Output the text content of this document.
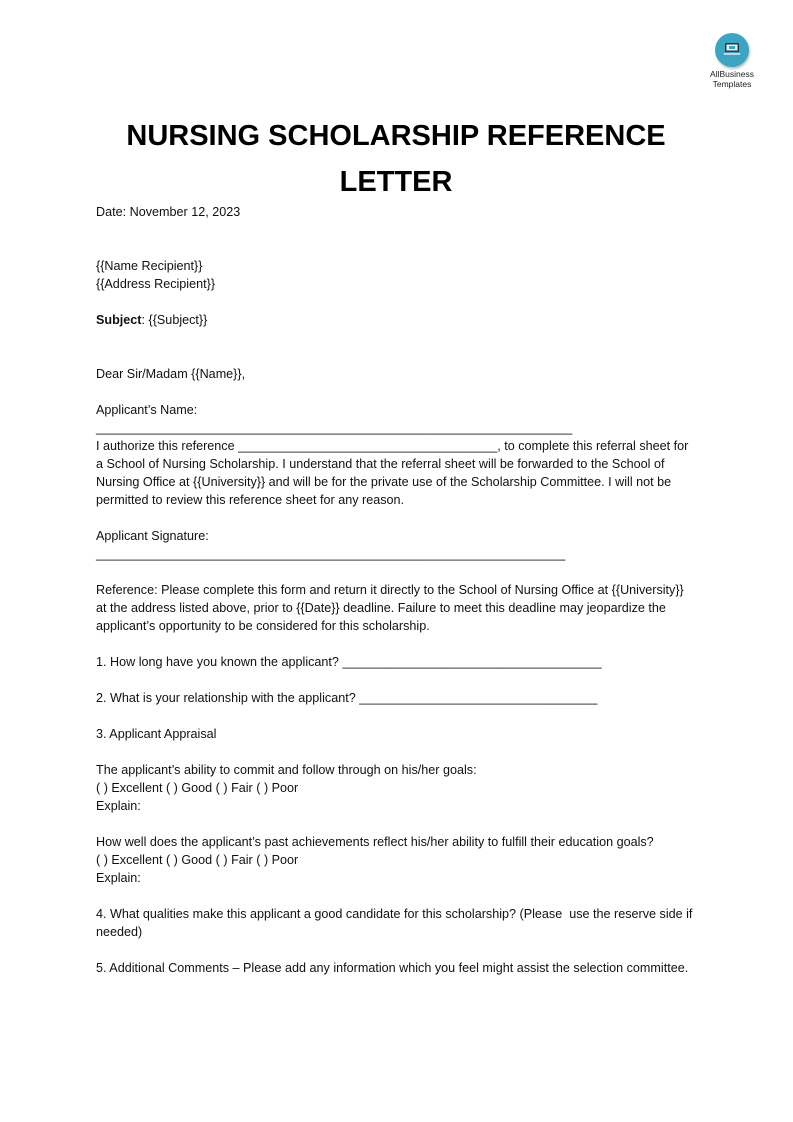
AllBusiness
Templates
NURSING SCHOLARSHIP REFERENCE LETTER

Date: November 12, 2023

{{Name Recipient}}

{{Address Recipient}}

Subject: {{Subject}}

Dear Sir/Madam {{Name}},

Applicant’s Name:

____________________________________________________________________

I authorize this reference _____________________________________, to complete this referral sheet for a School of Nursing Scholarship. I understand that the referral sheet will be forwarded to the School of Nursing Office at {{University}} and will be for the private use of the Scholarship Committee. I will not be permitted to review this reference sheet for any reason.

Applicant Signature:

___________________________________________________________________

Reference: Please complete this form and return it directly to the School of Nursing Office at {{University}} at the address listed above, prior to {{Date}} deadline. Failure to meet this deadline may jeopardize the applicant’s opportunity to be considered for this scholarship.

1. How long have you known the applicant? _____________________________________

2. What is your relationship with the applicant? __________________________________

3. Applicant Appraisal

The applicant’s ability to commit and follow through on his/her goals:

( ) Excellent ( ) Good ( ) Fair ( ) Poor

Explain:

How well does the applicant’s past achievements reflect his/her ability to fulfill their education goals?

( ) Excellent ( ) Good ( ) Fair ( ) Poor

Explain:

4. What qualities make this applicant a good candidate for this scholarship? (Please  use the reserve side if needed)

5. Additional Comments – Please add any information which you feel might assist the selection committee.
